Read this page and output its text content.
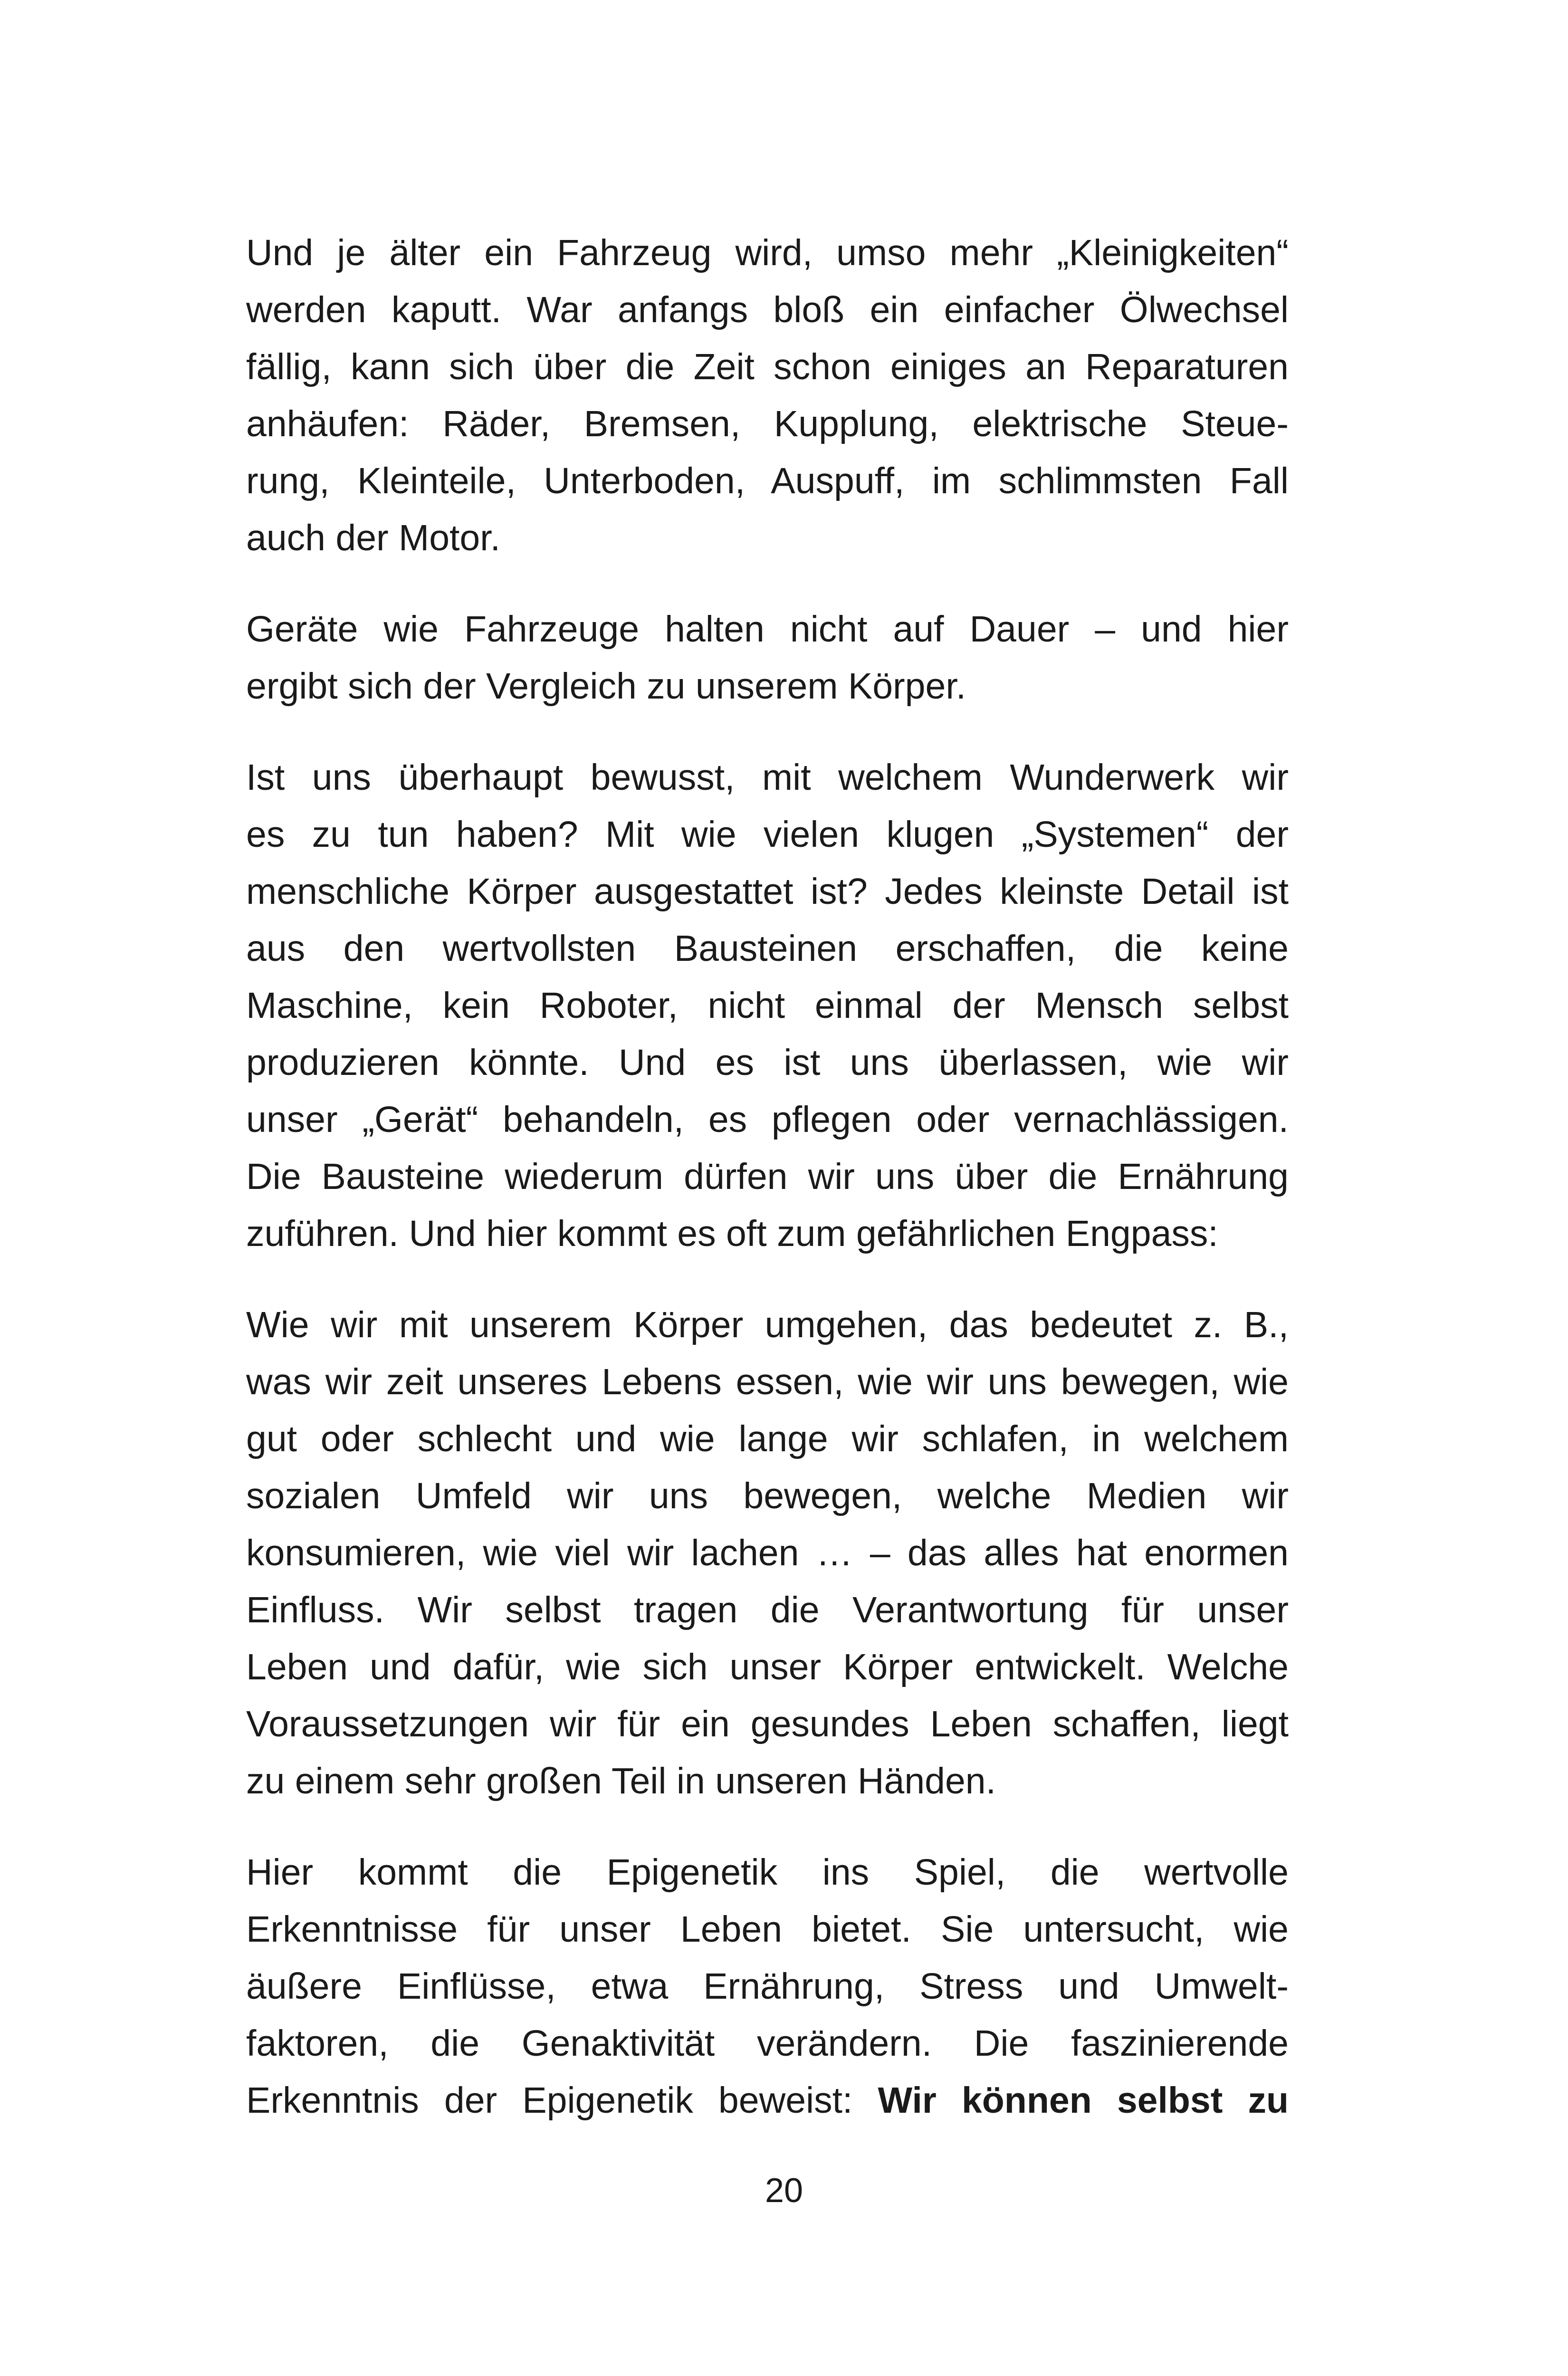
Und je älter ein Fahrzeug wird, umso mehr „Kleinigkeiten“
werden kaputt. War anfangs bloß ein einfacher Ölwechsel
fällig, kann sich über die Zeit schon einiges an Reparaturen
anhäufen: Räder, Bremsen, Kupplung, elektrische Steue-
rung, Kleinteile, Unterboden, Auspuff, im schlimmsten Fall
auch der Motor.

Geräte wie Fahrzeuge halten nicht auf Dauer – und hier
ergibt sich der Vergleich zu unserem Körper.

Ist uns überhaupt bewusst, mit welchem Wunderwerk wir
es zu tun haben? Mit wie vielen klugen „Systemen“ der
menschliche Körper ausgestattet ist? Jedes kleinste Detail ist
aus den wertvollsten Bausteinen erschaffen, die keine
Maschine, kein Roboter, nicht einmal der Mensch selbst
produzieren könnte. Und es ist uns überlassen, wie wir
unser „Gerät“ behandeln, es pflegen oder vernachlässigen.
Die Bausteine wiederum dürfen wir uns über die Ernährung
zuführen. Und hier kommt es oft zum gefährlichen Engpass:

Wie wir mit unserem Körper umgehen, das bedeutet z. B.,
was wir zeit unseres Lebens essen, wie wir uns bewegen, wie
gut oder schlecht und wie lange wir schlafen, in welchem
sozialen Umfeld wir uns bewegen, welche Medien wir
konsumieren, wie viel wir lachen … – das alles hat enormen
Einfluss. Wir selbst tragen die Verantwortung für unser
Leben und dafür, wie sich unser Körper entwickelt. Welche
Voraussetzungen wir für ein gesundes Leben schaffen, liegt
zu einem sehr großen Teil in unseren Händen.

Hier kommt die Epigenetik ins Spiel, die wertvolle
Erkenntnisse für unser Leben bietet. Sie untersucht, wie
äußere Einflüsse, etwa Ernährung, Stress und Umwelt-
faktoren, die Genaktivität verändern. Die faszinierende
Erkenntnis der Epigenetik beweist: Wir können selbst zu

20
